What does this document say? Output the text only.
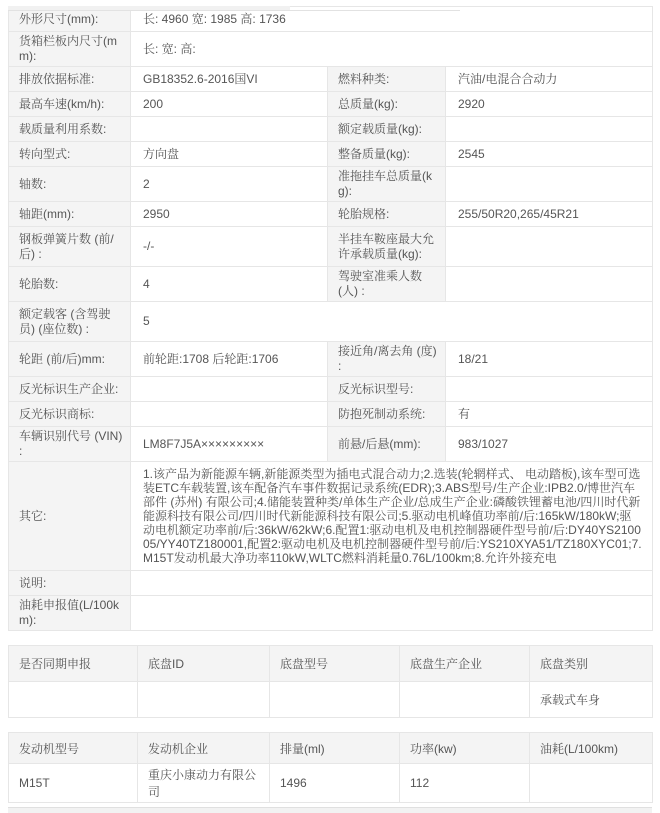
外形尺寸(mm):	长: 4960 宽: 1985 高: 1736		
货箱栏板内尺寸(mm):	长: 宽: 高:		
排放依据标准:	GB18352.6-2016国VI	燃料种类:	汽油/电混合合动力
最高车速(km/h):	200	总质量(kg):	2920
载质量利用系数:		额定载质量(kg):	
转向型式:	方向盘	整备质量(kg):	2545
轴数:	2	准拖挂车总质量(kg):	
轴距(mm):	2950	轮胎规格:	255/50R20,265/45R21
钢板弹簧片数 (前/后) :	-/-	半挂车鞍座最大允许承载质量(kg):	
轮胎数:	4	驾驶室准乘人数 (人) :	
额定载客 (含驾驶员) (座位数) :	5		
轮距 (前/后)mm:	前轮距:1708 后轮距:1706	接近角/离去角 (度) :	18/21
反光标识生产企业:		反光标识型号:	
反光标识商标:		防抱死制动系统:	有
车辆识别代号 (VIN) :	LM8F7J5A×××××××××	前悬/后悬(mm):	983/1027
其它:	1.该产品为新能源车辆,新能源类型为插电式混合动力;2.选装(轮辋样式、 电动踏板),该车型可选装ETC车载装置,该车配备汽车事件数据记录系统(EDR);3.ABS型号/生产企业:IPB2.0/博世汽车部件 (苏州) 有限公司;4.储能装置种类/单体生产企业/总成生产企业:磷酸铁锂蓄电池/四川时代新能源科技有限公司/四川时代新能源科技有限公司;5.驱动电机峰值功率前/后:165kW/180kW;驱动电机额定功率前/后:36kW/62kW;6.配置1:驱动电机及电机控制器硬件型号前/后:DY40YS210005/YY40TZ180001,配置2:驱动电机及电机控制器硬件型号前/后:YS210XYA51/TZ180XYC01;7.M15T发动机最大净功率110kW,WLTC燃料消耗量0.76L/100km;8.允许外接充电		
说明:			
油耗申报值(L/100km):			
是否同期申报	底盘ID	底盘型号	底盘生产企业	底盘类别
				承载式车身
发动机型号	发动机企业	排量(ml)	功率(kw)	油耗(L/100km)
M15T	重庆小康动力有限公司	1496	112	
